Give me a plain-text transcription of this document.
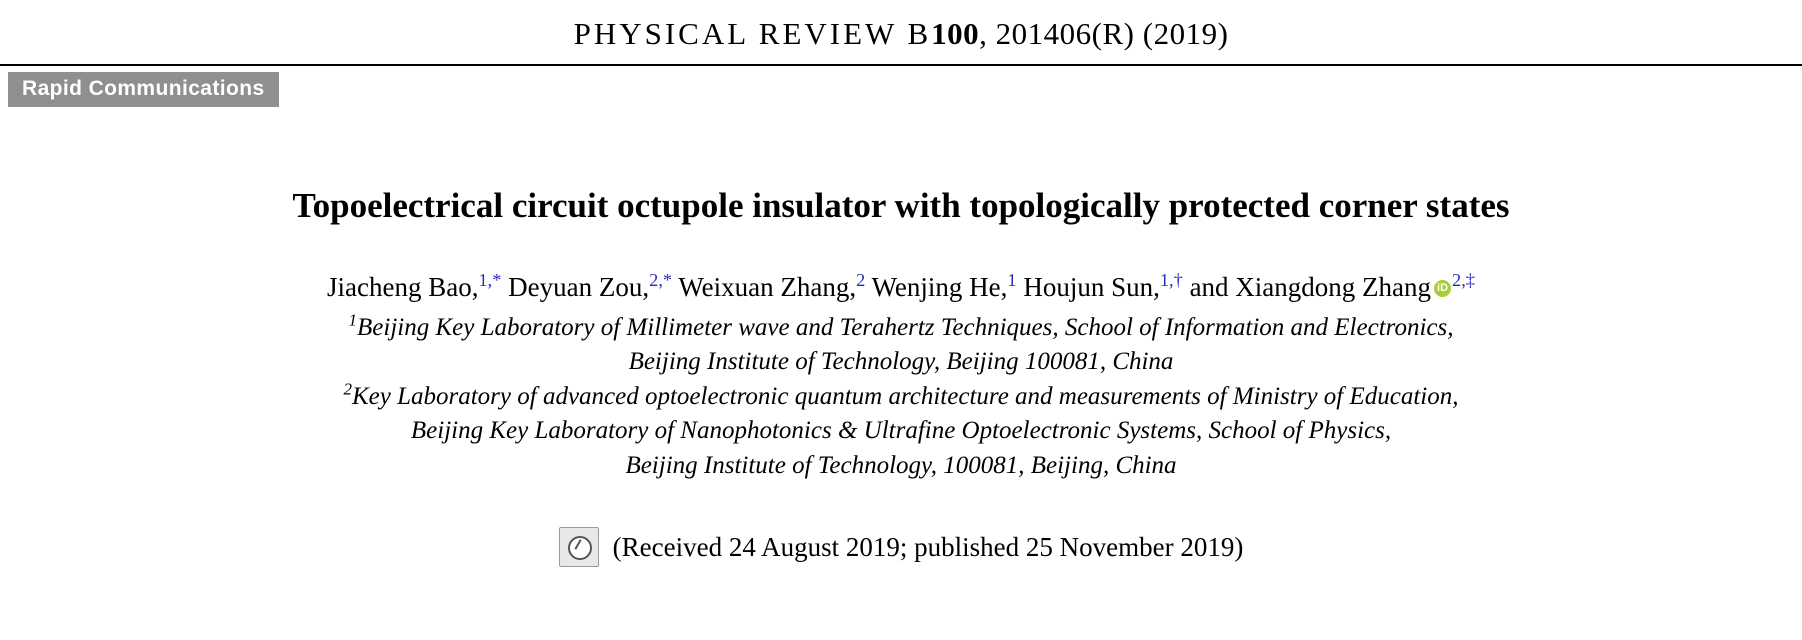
PHYSICAL REVIEW B100, 201406(R) (2019)
Rapid Communications
Topoelectrical circuit octupole insulator with topologically protected corner states
Jiacheng Bao,$^{1,*}$ Deyuan Zou,$^{2,*}$ Weixuan Zhang,$^2$ Wenjing He,$^1$ Houjun Sun,$^{1,\dagger}$ and Xiangdong Zhang iD $^{2,\ddagger}$
$^1$Beijing Key Laboratory of Millimeter wave and Terahertz Techniques, School of Information and Electronics,
Beijing Institute of Technology, Beijing 100081, China
$^2$Key Laboratory of advanced optoelectronic quantum architecture and measurements of Ministry of Education,
Beijing Key Laboratory of Nanophotonics & Ultrafine Optoelectronic Systems, School of Physics,
Beijing Institute of Technology, 100081, Beijing, China
(Received 24 August 2019; published 25 November 2019)
